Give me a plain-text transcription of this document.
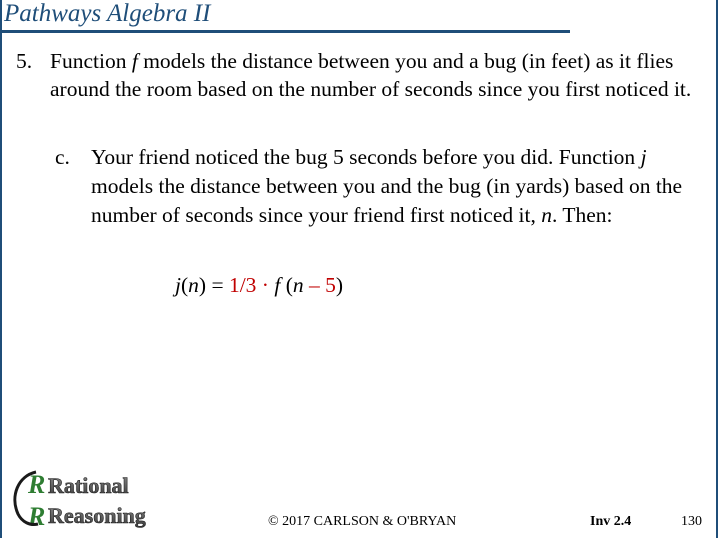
Pathways Algebra II
5. Function f models the distance between you and a bug (in feet) as it flies around the room based on the number of seconds since you first noticed it.
c. Your friend noticed the bug 5 seconds before you did. Function j models the distance between you and the bug (in yards) based on the number of seconds since your friend first noticed it, n. Then:
j(n) = 1/3 · f (n – 5)
R
R
Rational
Reasoning	© 2017 CARLSON & O'BRYAN	Inv 2.4	130
